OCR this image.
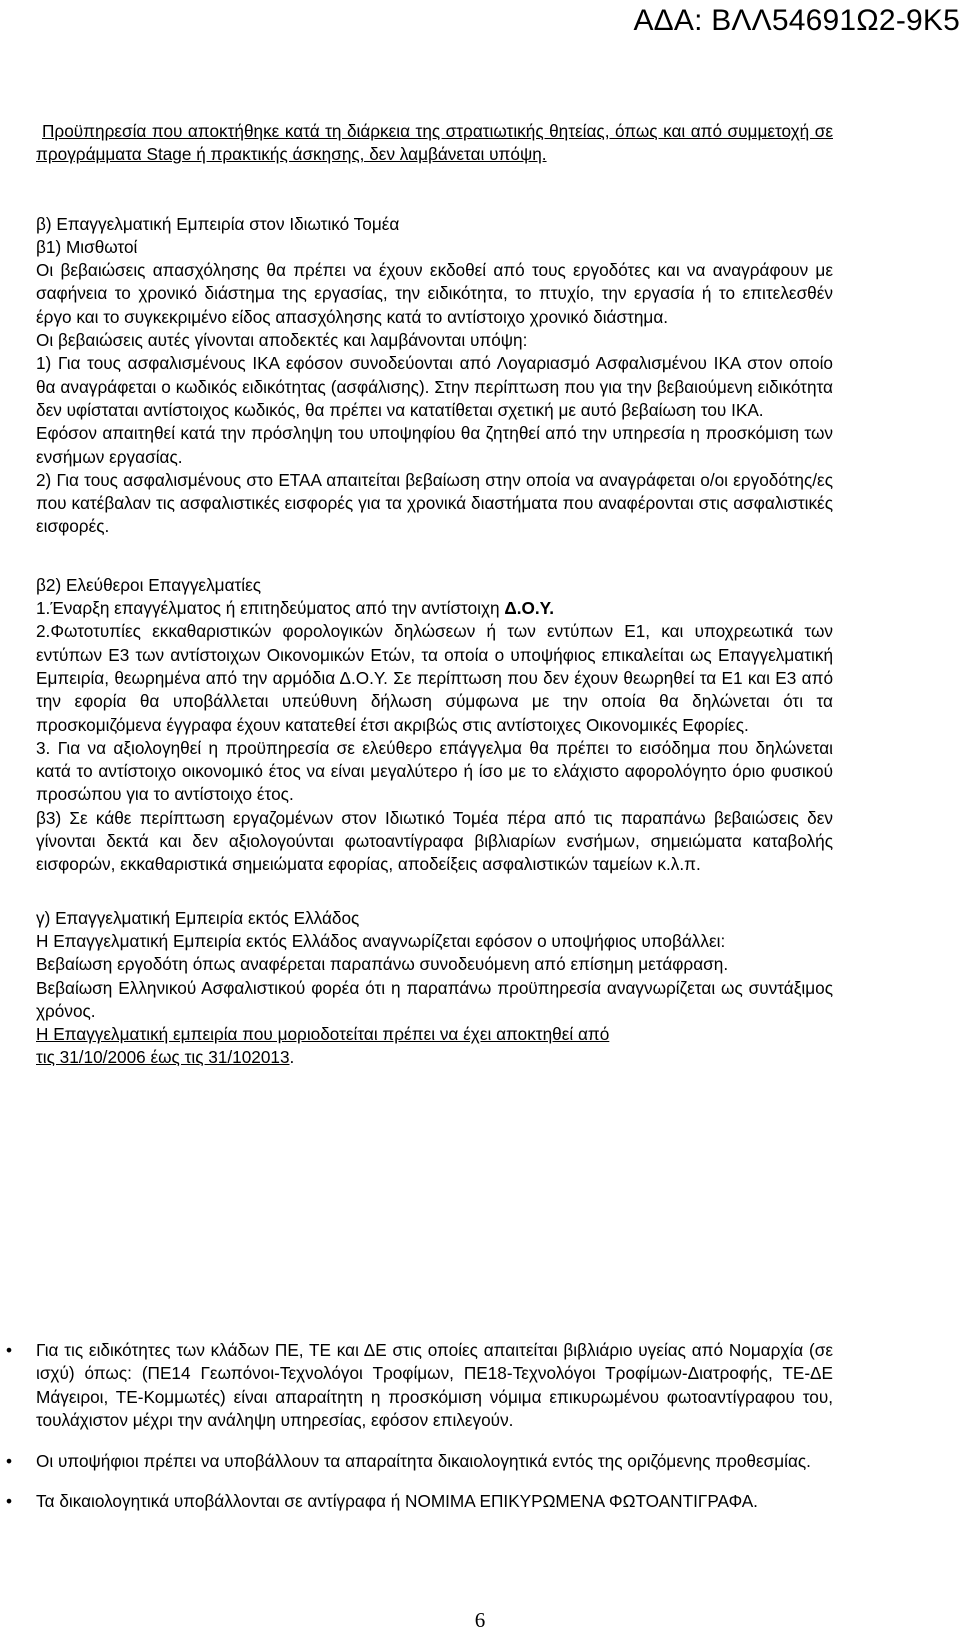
ΑΔΑ: ΒΛΛ54691Ω2-9Κ5

Προϋπηρεσία που αποκτήθηκε κατά τη διάρκεια της στρατιωτικής θητείας, όπως και από συμμετοχή σε προγράμματα Stage ή πρακτικής άσκησης, δεν λαμβάνεται υπόψη.

β) Επαγγελματική Εμπειρία στον Ιδιωτικό Τομέα

β1) Μισθωτοί

Οι βεβαιώσεις απασχόλησης θα πρέπει να έχουν εκδοθεί από τους εργοδότες και να αναγράφουν με σαφήνεια το χρονικό διάστημα της εργασίας, την ειδικότητα, το πτυχίο, την εργασία ή το επιτελεσθέν έργο και το συγκεκριμένο είδος απασχόλησης κατά το αντίστοιχο χρονικό διάστημα.

Οι βεβαιώσεις αυτές γίνονται αποδεκτές και λαμβάνονται υπόψη:

1) Για τους ασφαλισμένους ΙΚΑ εφόσον συνοδεύονται από Λογαριασμό Ασφαλισμένου ΙΚΑ στον οποίο θα αναγράφεται ο κωδικός ειδικότητας (ασφάλισης). Στην περίπτωση που για την βεβαιούμενη ειδικότητα δεν υφίσταται αντίστοιχος κωδικός, θα πρέπει να κατατίθεται σχετική με αυτό βεβαίωση του ΙΚΑ.

Εφόσον απαιτηθεί κατά την πρόσληψη του υποψηφίου θα ζητηθεί από την υπηρεσία η προσκόμιση των ενσήμων εργασίας.

2) Για τους ασφαλισμένους στο ΕΤΑΑ απαιτείται βεβαίωση στην οποία να αναγράφεται ο/οι εργοδότης/ες που κατέβαλαν τις ασφαλιστικές εισφορές για τα χρονικά διαστήματα που αναφέρονται στις ασφαλιστικές εισφορές.

β2) Ελεύθεροι Επαγγελματίες

1.Έναρξη επαγγέλματος ή επιτηδεύματος από την αντίστοιχη Δ.Ο.Υ.

2.Φωτοτυπίες εκκαθαριστικών φορολογικών δηλώσεων ή των εντύπων Ε1, και υποχρεωτικά των εντύπων Ε3 των αντίστοιχων Οικονομικών Ετών, τα οποία ο υποψήφιος επικαλείται ως Επαγγελματική Εμπειρία, θεωρημένα από την αρμόδια Δ.Ο.Υ. Σε περίπτωση που δεν έχουν θεωρηθεί τα Ε1 και Ε3 από την εφορία θα υποβάλλεται υπεύθυνη δήλωση σύμφωνα με την οποία θα δηλώνεται ότι τα προσκομιζόμενα έγγραφα έχουν κατατεθεί έτσι ακριβώς στις αντίστοιχες Οικονομικές Εφορίες.

3. Για να αξιολογηθεί η προϋπηρεσία σε ελεύθερο επάγγελμα θα πρέπει το εισόδημα που δηλώνεται κατά το αντίστοιχο οικονομικό έτος να είναι μεγαλύτερο ή ίσο με το ελάχιστο αφορολόγητο όριο φυσικού προσώπου για το αντίστοιχο έτος.

β3) Σε κάθε περίπτωση εργαζομένων στον Ιδιωτικό Τομέα πέρα από τις παραπάνω βεβαιώσεις δεν γίνονται δεκτά και δεν αξιολογούνται φωτοαντίγραφα βιβλιαρίων ενσήμων, σημειώματα καταβολής εισφορών, εκκαθαριστικά σημειώματα εφορίας, αποδείξεις ασφαλιστικών ταμείων κ.λ.π.

γ) Επαγγελματική Εμπειρία εκτός Ελλάδος

Η Επαγγελματική Εμπειρία εκτός Ελλάδος αναγνωρίζεται εφόσον ο υποψήφιος υποβάλλει:

Βεβαίωση εργοδότη όπως αναφέρεται παραπάνω συνοδευόμενη από επίσημη μετάφραση.

Βεβαίωση Ελληνικού Ασφαλιστικού φορέα ότι η παραπάνω προϋπηρεσία αναγνωρίζεται ως συντάξιμος χρόνος.

Η Επαγγελματική εμπειρία που μοριοδοτείται πρέπει να έχει αποκτηθεί από
τις 31/10/2006 έως τις 31/102013.

• Για τις ειδικότητες των κλάδων ΠΕ, ΤΕ και ΔΕ στις οποίες απαιτείται βιβλιάριο υγείας από Νομαρχία (σε ισχύ) όπως: (ΠΕ14 Γεωπόνοι-Τεχνολόγοι Τροφίμων, ΠΕ18-Τεχνολόγοι Τροφίμων-Διατροφής, ΤΕ-ΔΕ Μάγειροι, ΤΕ-Κομμωτές) είναι απαραίτητη η προσκόμιση νόμιμα επικυρωμένου φωτοαντίγραφου του, τουλάχιστον μέχρι την ανάληψη υπηρεσίας, εφόσον επιλεγούν.

• Οι υποψήφιοι πρέπει να υποβάλλουν τα απαραίτητα δικαιολογητικά εντός της οριζόμενης προθεσμίας.

• Τα δικαιολογητικά υποβάλλονται σε αντίγραφα ή ΝΟΜΙΜΑ ΕΠΙΚΥΡΩΜΕΝΑ ΦΩΤΟΑΝΤΙΓΡΑΦΑ.

6
